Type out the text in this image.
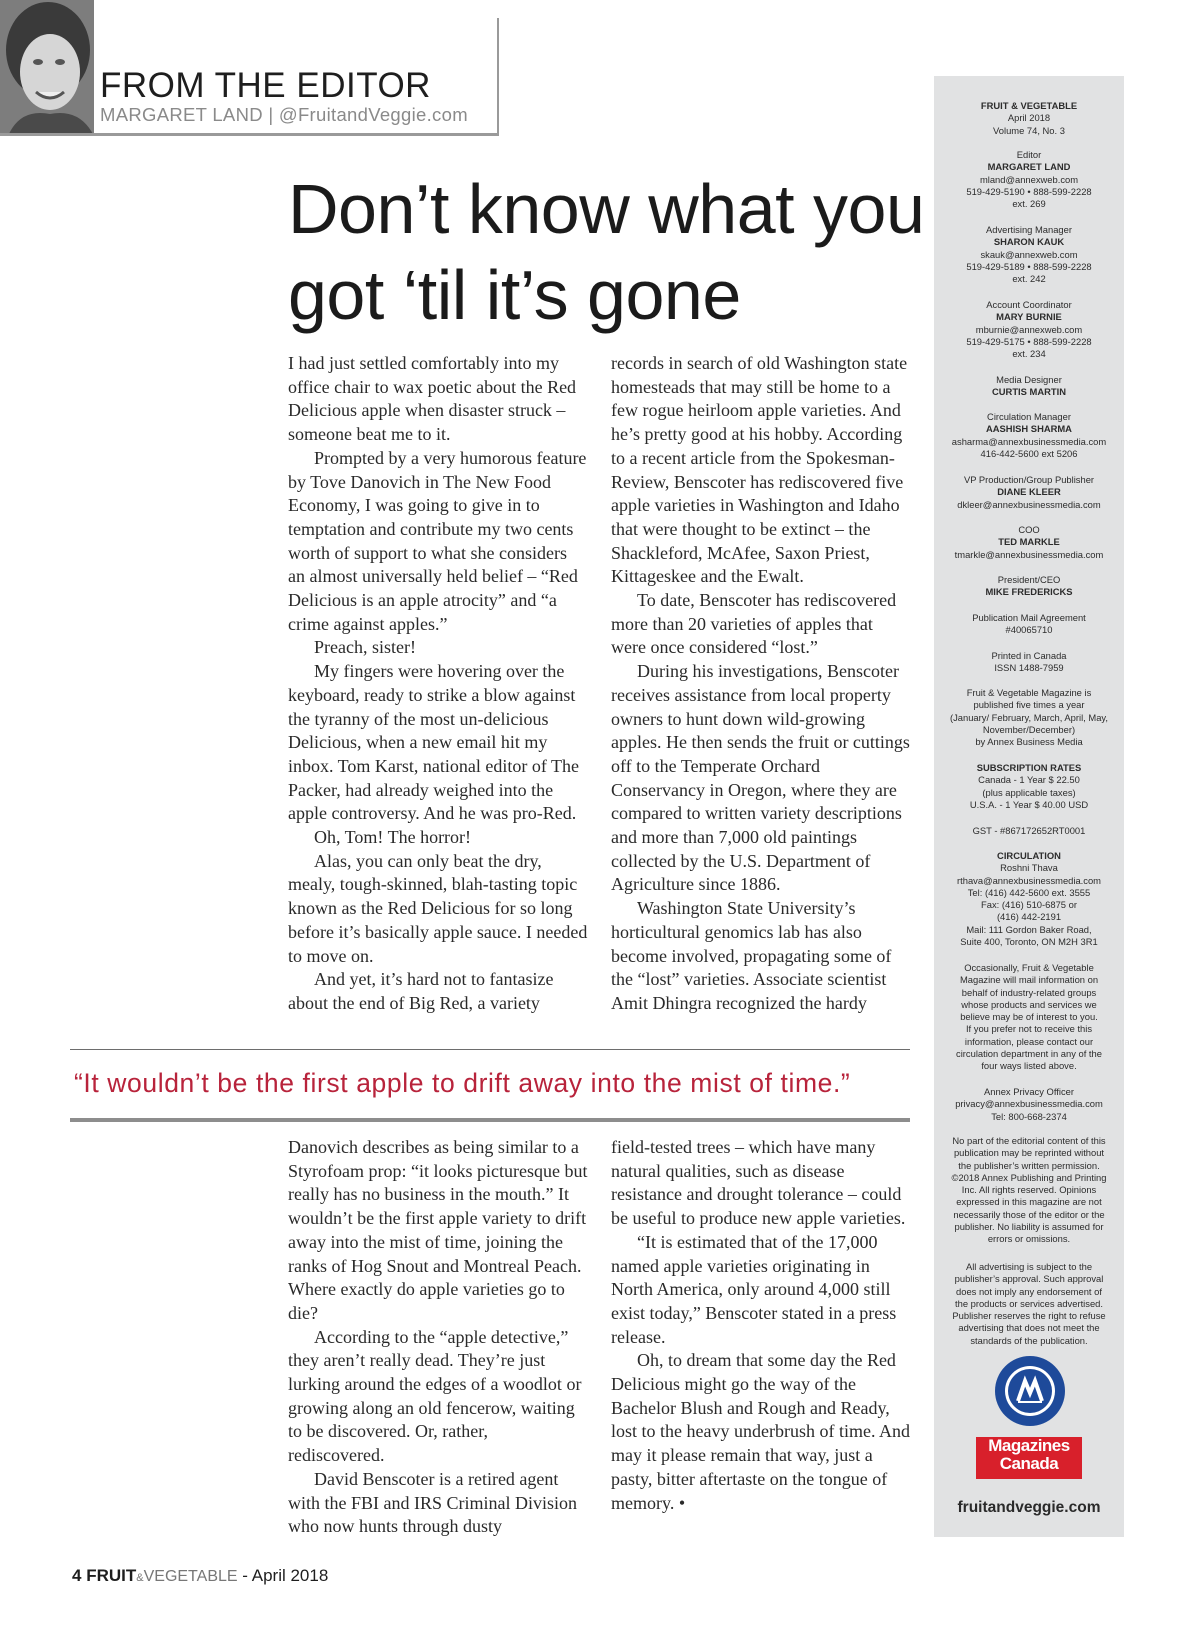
FROM THE EDITOR
MARGARET LAND | @FruitandVeggie.com
Don’t know what you got ‘til it’s gone

I had just settled comfortably into my office chair to wax poetic about the Red Delicious apple when disaster struck – someone beat me to it.

Prompted by a very humorous feature by Tove Danovich in The New Food Economy, I was going to give in to temptation and contribute my two cents worth of support to what she considers an almost universally held belief – “Red Delicious is an apple atrocity” and “a crime against apples.”

Preach, sister!

My fingers were hovering over the keyboard, ready to strike a blow against the tyranny of the most un-delicious Delicious, when a new email hit my inbox. Tom Karst, national editor of The Packer, had already weighed into the apple controversy. And he was pro-Red.

Oh, Tom! The horror!

Alas, you can only beat the dry, mealy, tough-skinned, blah-tasting topic known as the Red Delicious for so long before it’s basically apple sauce. I needed to move on.

And yet, it’s hard not to fantasize about the end of Big Red, a variety

records in search of old Washington state homesteads that may still be home to a few rogue heirloom apple varieties. And he’s pretty good at his hobby. According to a recent article from the Spokesman-Review, Benscoter has rediscovered five apple varieties in Washington and Idaho that were thought to be extinct – the Shackleford, McAfee, Saxon Priest, Kittageskee and the Ewalt.

To date, Benscoter has rediscovered more than 20 varieties of apples that were once considered “lost.”

During his investigations, Benscoter receives assistance from local property owners to hunt down wild-growing apples. He then sends the fruit or cuttings off to the Temperate Orchard Conservancy in Oregon, where they are compared to written variety descriptions and more than 7,000 old paintings collected by the U.S. Department of Agriculture since 1886.

Washington State University’s horticultural genomics lab has also become involved, propagating some of the “lost” varieties. Associate scientist Amit Dhingra recognized the hardy

“It wouldn’t be the first apple to drift away into the mist of time.”

Danovich describes as being similar to a Styrofoam prop: “it looks picturesque but really has no business in the mouth.” It wouldn’t be the first apple variety to drift away into the mist of time, joining the ranks of Hog Snout and Montreal Peach. Where exactly do apple varieties go to die?

According to the “apple detective,” they aren’t really dead. They’re just lurking around the edges of a woodlot or growing along an old fencerow, waiting to be discovered. Or, rather, rediscovered.

David Benscoter is a retired agent with the FBI and IRS Criminal Division who now hunts through dusty

field-tested trees – which have many natural qualities, such as disease resistance and drought tolerance – could be useful to produce new apple varieties.

“It is estimated that of the 17,000 named apple varieties originating in North America, only around 4,000 still exist today,” Benscoter stated in a press release.

Oh, to dream that some day the Red Delicious might go the way of the Bachelor Blush and Rough and Ready, lost to the heavy underbrush of time. And may it please remain that way, just a pasty, bitter aftertaste on the tongue of memory. •

FRUIT & VEGETABLE
April 2018
Volume 74, No. 3
Editor
MARGARET LAND
mland@annexweb.com
519-429-5190 • 888-599-2228
ext. 269
Advertising Manager
SHARON KAUK
skauk@annexweb.com
519-429-5189 • 888-599-2228
ext. 242
Account Coordinator
MARY BURNIE
mburnie@annexweb.com
519-429-5175 • 888-599-2228
ext. 234
Media Designer
CURTIS MARTIN
Circulation Manager
AASHISH SHARMA
asharma@annexbusinessmedia.com
416-442-5600 ext 5206
VP Production/Group Publisher
DIANE KLEER
dkleer@annexbusinessmedia.com
COO
TED MARKLE
tmarkle@annexbusinessmedia.com
President/CEO
MIKE FREDERICKS
Publication Mail Agreement
#40065710
Printed in Canada
ISSN 1488-7959
Fruit & Vegetable Magazine is
published five times a year
(January/ February, March, April, May,
November/December)
by Annex Business Media
SUBSCRIPTION RATES
Canada - 1 Year $ 22.50
(plus applicable taxes)
U.S.A. - 1 Year $ 40.00 USD
GST - #867172652RT0001
CIRCULATION
Roshni Thava
rthava@annexbusinessmedia.com
Tel: (416) 442-5600 ext. 3555
Fax: (416) 510-6875 or
(416) 442-2191
Mail: 111 Gordon Baker Road,
Suite 400, Toronto, ON M2H 3R1
Occasionally, Fruit & Vegetable
Magazine will mail information on
behalf of industry-related groups
whose products and services we
believe may be of interest to you.
If you prefer not to receive this
information, please contact our
circulation department in any of the
four ways listed above.
Annex Privacy Officer
privacy@annexbusinessmedia.com
Tel: 800-668-2374
No part of the editorial content of this
publication may be reprinted without
the publisher’s written permission.
©2018 Annex Publishing and Printing
Inc. All rights reserved. Opinions
expressed in this magazine are not
necessarily those of the editor or the
publisher. No liability is assumed for
errors or omissions.
All advertising is subject to the
publisher’s approval. Such approval
does not imply any endorsement of
the products or services advertised.
Publisher reserves the right to refuse
advertising that does not meet the
standards of the publication.
Magazines
Canada
fruitandveggie.com
4 FRUIT&VEGETABLE - April 2018
